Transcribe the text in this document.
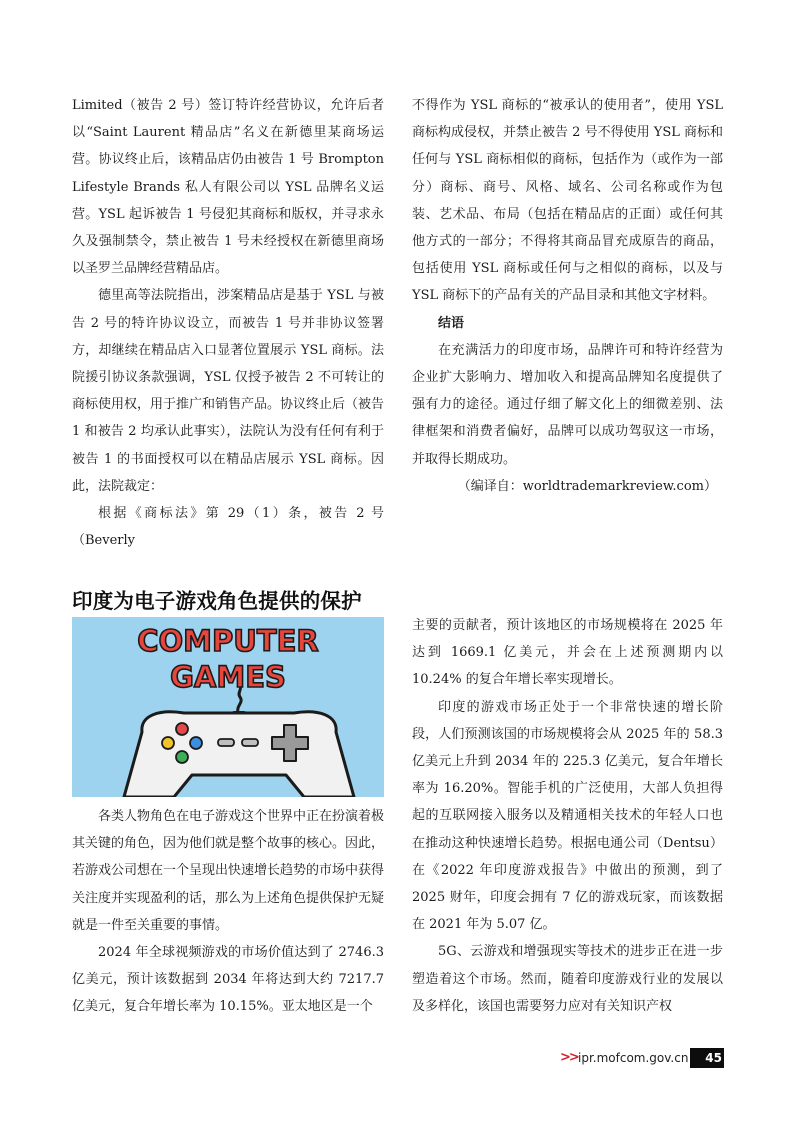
Limited（被告 2 号）签订特许经营协议，允许后者以“Saint Laurent 精品店”名义在新德里某商场运营。协议终止后，该精品店仍由被告 1 号 Brompton Lifestyle Brands 私人有限公司以 YSL 品牌名义运营。YSL 起诉被告 1 号侵犯其商标和版权，并寻求永久及强制禁令，禁止被告 1 号未经授权在新德里商场以圣罗兰品牌经营精品店。

德里高等法院指出，涉案精品店是基于 YSL 与被告 2 号的特许协议设立，而被告 1 号并非协议签署方，却继续在精品店入口显著位置展示 YSL 商标。法院援引协议条款强调，YSL 仅授予被告 2 不可转让的商标使用权，用于推广和销售产品。协议终止后（被告 1 和被告 2 均承认此事实），法院认为没有任何有利于被告 1 的书面授权可以在精品店展示 YSL 商标。因此，法院裁定：

根据《商标法》第 29（1）条，被告 2 号（Beverly

不得作为 YSL 商标的“被承认的使用者”，使用 YSL 商标构成侵权，并禁止被告 2 号不得使用 YSL 商标和任何与 YSL 商标相似的商标，包括作为（或作为一部分）商标、商号、风格、域名、公司名称或作为包装、艺术品、布局（包括在精品店的正面）或任何其他方式的一部分；不得将其商品冒充成原告的商品，包括使用 YSL 商标或任何与之相似的商标，以及与 YSL 商标下的产品有关的产品目录和其他文字材料。

结语

在充满活力的印度市场，品牌许可和特许经营为企业扩大影响力、增加收入和提高品牌知名度提供了强有力的途径。通过仔细了解文化上的细微差别、法律框架和消费者偏好，品牌可以成功驾驭这一市场，并取得长期成功。

（编译自：worldtrademarkreview.com）

印度为电子游戏角色提供的保护
COMPUTER
GAMES

各类人物角色在电子游戏这个世界中正在扮演着极其关键的角色，因为他们就是整个故事的核心。因此，若游戏公司想在一个呈现出快速增长趋势的市场中获得关注度并实现盈利的话，那么为上述角色提供保护无疑就是一件至关重要的事情。

2024 年全球视频游戏的市场价值达到了 2746.3 亿美元，预计该数据到 2034 年将达到大约 7217.7 亿美元，复合年增长率为 10.15%。亚太地区是一个

主要的贡献者，预计该地区的市场规模将在 2025 年达到 1669.1 亿美元，并会在上述预测期内以 10.24% 的复合年增长率实现增长。

印度的游戏市场正处于一个非常快速的增长阶段，人们预测该国的市场规模将会从 2025 年的 58.3 亿美元上升到 2034 年的 225.3 亿美元，复合年增长率为 16.20%。智能手机的广泛使用，大部人负担得起的互联网接入服务以及精通相关技术的年轻人口也在推动这种快速增长趋势。根据电通公司（Dentsu）在《2022 年印度游戏报告》中做出的预测，到了 2025 财年，印度会拥有 7 亿的游戏玩家，而该数据在 2021 年为 5.07 亿。

5G、云游戏和增强现实等技术的进步正在进一步塑造着这个市场。然而，随着印度游戏行业的发展以及多样化，该国也需要努力应对有关知识产权

>> ipr.mofcom.gov.cn	45
